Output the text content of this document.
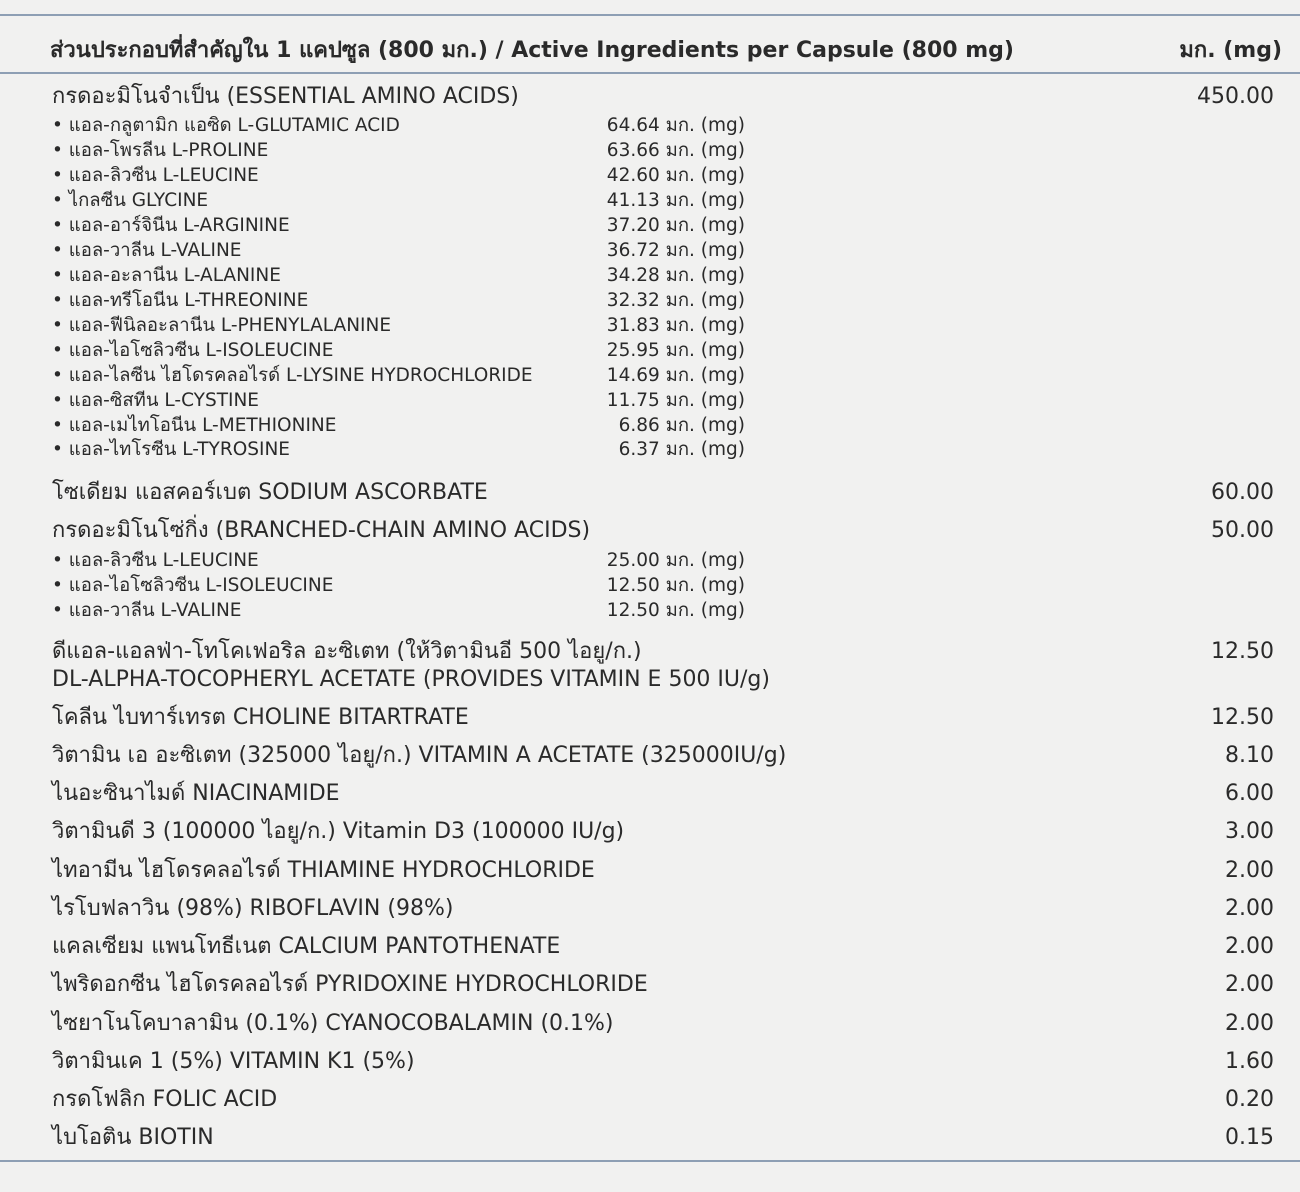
ส่วนประกอบที่สำคัญใน 1 แคปซูล (800 มก.) / Active Ingredients per Capsule (800 mg)	มก. (mg)
กรดอะมิโนจำเป็น (ESSENTIAL AMINO ACIDS)	450.00
• แอล-กลูตามิก แอซิด L-GLUTAMIC ACID	64.64 มก. (mg)
• แอล-โพรลีน L-PROLINE	63.66 มก. (mg)
• แอล-ลิวซีน L-LEUCINE	42.60 มก. (mg)
• ไกลซีน GLYCINE	41.13 มก. (mg)
• แอล-อาร์จินีน L-ARGININE	37.20 มก. (mg)
• แอล-วาลีน L-VALINE	36.72 มก. (mg)
• แอล-อะลานีน L-ALANINE	34.28 มก. (mg)
• แอล-ทรีโอนีน L-THREONINE	32.32 มก. (mg)
• แอล-ฟีนิลอะลานีน L-PHENYLALANINE	31.83 มก. (mg)
• แอล-ไอโซลิวซีน L-ISOLEUCINE	25.95 มก. (mg)
• แอล-ไลซีน ไฮโดรคลอไรด์ L-LYSINE HYDROCHLORIDE	14.69 มก. (mg)
• แอล-ซิสทีน L-CYSTINE	11.75 มก. (mg)
• แอล-เมไทโอนีน L-METHIONINE	6.86 มก. (mg)
• แอล-ไทโรซีน L-TYROSINE	6.37 มก. (mg)
โซเดียม แอสคอร์เบต SODIUM ASCORBATE	60.00
กรดอะมิโนโซ่กิ่ง (BRANCHED-CHAIN AMINO ACIDS)	50.00
• แอล-ลิวซีน L-LEUCINE	25.00 มก. (mg)
• แอล-ไอโซลิวซีน L-ISOLEUCINE	12.50 มก. (mg)
• แอล-วาลีน L-VALINE	12.50 มก. (mg)
ดีแอล-แอลฟ่า-โทโคเฟอริล อะซิเตท (ให้วิตามินอี 500 ไอยู/ก.)
DL-ALPHA-TOCOPHERYL ACETATE (PROVIDES VITAMIN E 500 IU/g)
12.50
โคลีน ไบทาร์เทรต CHOLINE BITARTRATE	12.50
วิตามิน เอ อะซิเตท (325000 ไอยู/ก.) VITAMIN A ACETATE (325000IU/g)	8.10
ไนอะซินาไมด์ NIACINAMIDE	6.00
วิตามินดี 3 (100000 ไอยู/ก.) Vitamin D3 (100000 IU/g)	3.00
ไทอามีน ไฮโดรคลอไรด์ THIAMINE HYDROCHLORIDE	2.00
ไรโบฟลาวิน (98%) RIBOFLAVIN (98%)	2.00
แคลเซียม แพนโทธีเนต CALCIUM PANTOTHENATE	2.00
ไพริดอกซีน ไฮโดรคลอไรด์ PYRIDOXINE HYDROCHLORIDE	2.00
ไซยาโนโคบาลามิน (0.1%) CYANOCOBALAMIN (0.1%)	2.00
วิตามินเค 1 (5%) VITAMIN K1 (5%)	1.60
กรดโฟลิก FOLIC ACID	0.20
ไบโอติน BIOTIN	0.15
